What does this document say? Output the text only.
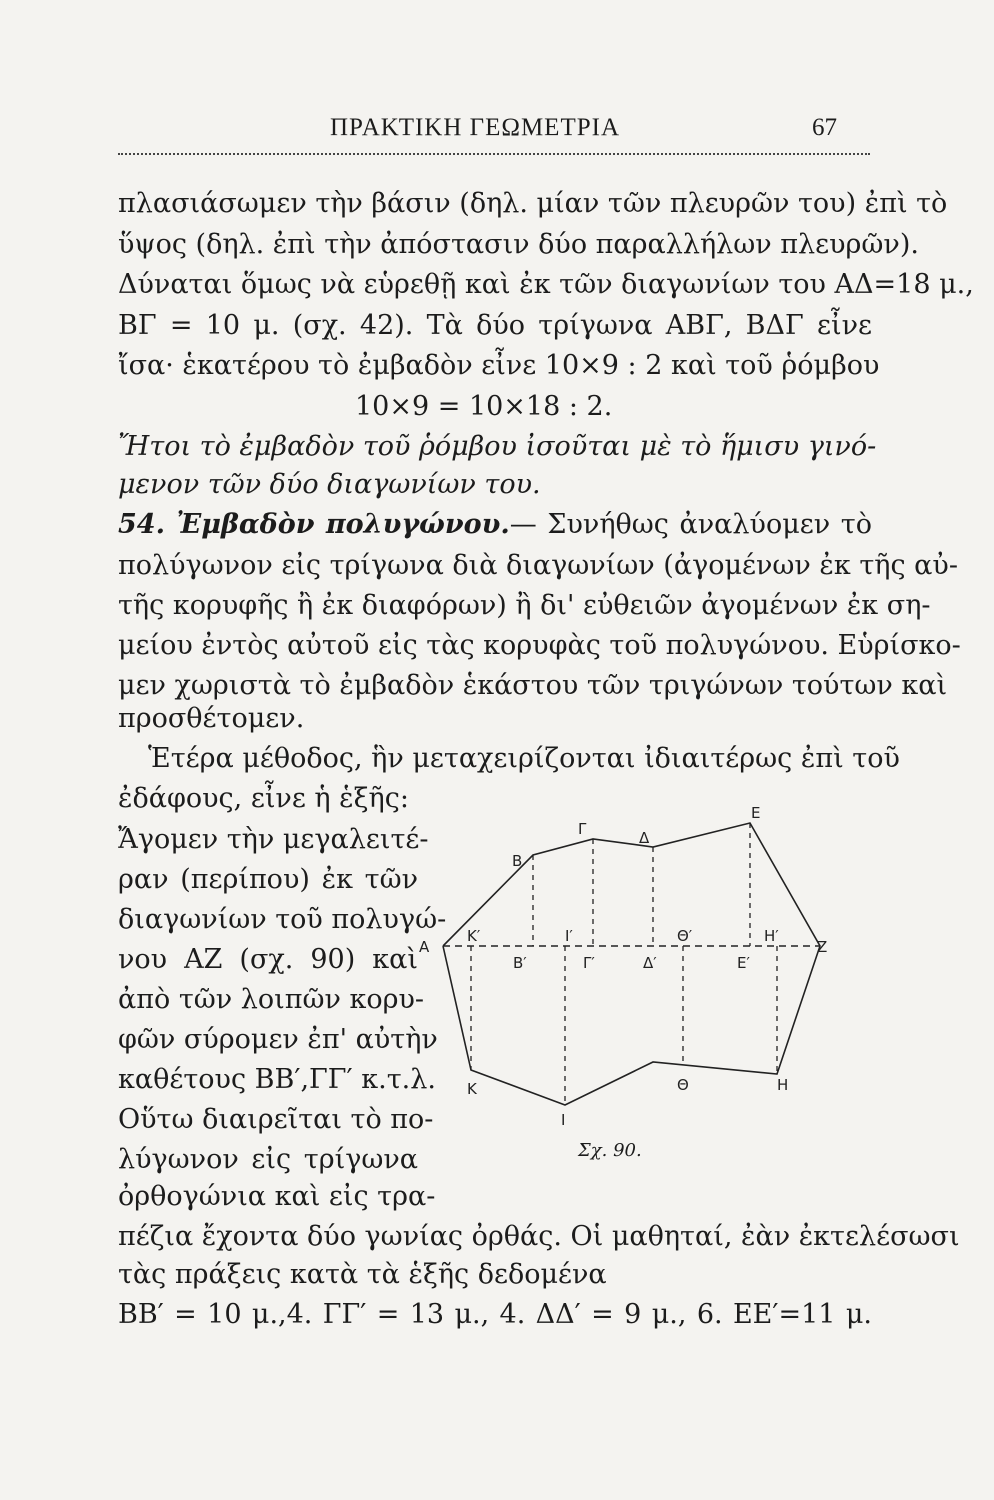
ΠΡΑΚΤΙΚΗ ΓΕΩΜΕΤΡΙΑ	67
πλασιάσωμεν τὴν βάσιν (δηλ. μίαν τῶν πλευρῶν του) ἐπὶ τὸ
ὕψος (δηλ. ἐπὶ τὴν ἀπόστασιν δύο παραλλήλων πλευρῶν).
Δύναται ὅμως νὰ εὑρεθῇ καὶ ἐκ τῶν διαγωνίων του ΑΔ=18 μ.,
ΒΓ = 10 μ. (σχ. 42). Τὰ δύο τρίγωνα ΑΒΓ, ΒΔΓ εἶνε
ἴσα· ἑκατέρου τὸ ἐμβαδὸν εἶνε 10×9 : 2 καὶ τοῦ ῥόμβου
10×9 = 10×18 : 2.
Ἤτοι τὸ ἐμβαδὸν τοῦ ῥόμβου ἰσοῦται μὲ τὸ ἥμισυ γινό-
μενον τῶν δύο διαγωνίων του.
54. Ἐμβαδὸν πολυγώνου.— Συνήθως ἀναλύομεν τὸ
πολύγωνον εἰς τρίγωνα διὰ διαγωνίων (ἀγομένων ἐκ τῆς αὐ-
τῆς κορυφῆς ἢ ἐκ διαφόρων) ἢ δι' εὐθειῶν ἀγομένων ἐκ ση-
μείου ἐντὸς αὐτοῦ εἰς τὰς κορυφὰς τοῦ πολυγώνου. Εὑρίσκο-
μεν χωριστὰ τὸ ἐμβαδὸν ἑκάστου τῶν τριγώνων τούτων καὶ
προσθέτομεν.
Ἑτέρα μέθοδος, ἣν μεταχειρίζονται ἰδιαιτέρως ἐπὶ τοῦ
ἐδάφους, εἶνε ἡ ἑξῆς:
Ἄγομεν τὴν μεγαλειτέ-
ραν (περίπου) ἐκ τῶν
διαγωνίων τοῦ πολυγώ-
νου ΑΖ (σχ. 90) καὶ
ἀπὸ τῶν λοιπῶν κορυ-
φῶν σύρομεν ἐπ' αὐτὴν
καθέτους ΒΒ′,ΓΓ′ κ.τ.λ.
Οὕτω διαιρεῖται τὸ πο-
λύγωνον εἰς τρίγωνα
ὀρθογώνια καὶ εἰς τρα-
πέζια ἔχοντα δύο γωνίας ὀρθάς. Οἱ μαθηταί, ἐὰν ἐκτελέσωσι
τὰς πράξεις κατὰ τὰ ἑξῆς δεδομένα
ΒΒ′ = 10 μ.,4. ΓΓ′ = 13 μ., 4. ΔΔ′ = 9 μ., 6. ΕΕ′=11 μ.
Α
Β
Γ	Δ
Ε
Ζ
Η
Θ
Ι
Κ
Κ′
Β′
Ι′
Γ′	Δ′
Θ′
Ε′
Η′
Σχ. 90.
